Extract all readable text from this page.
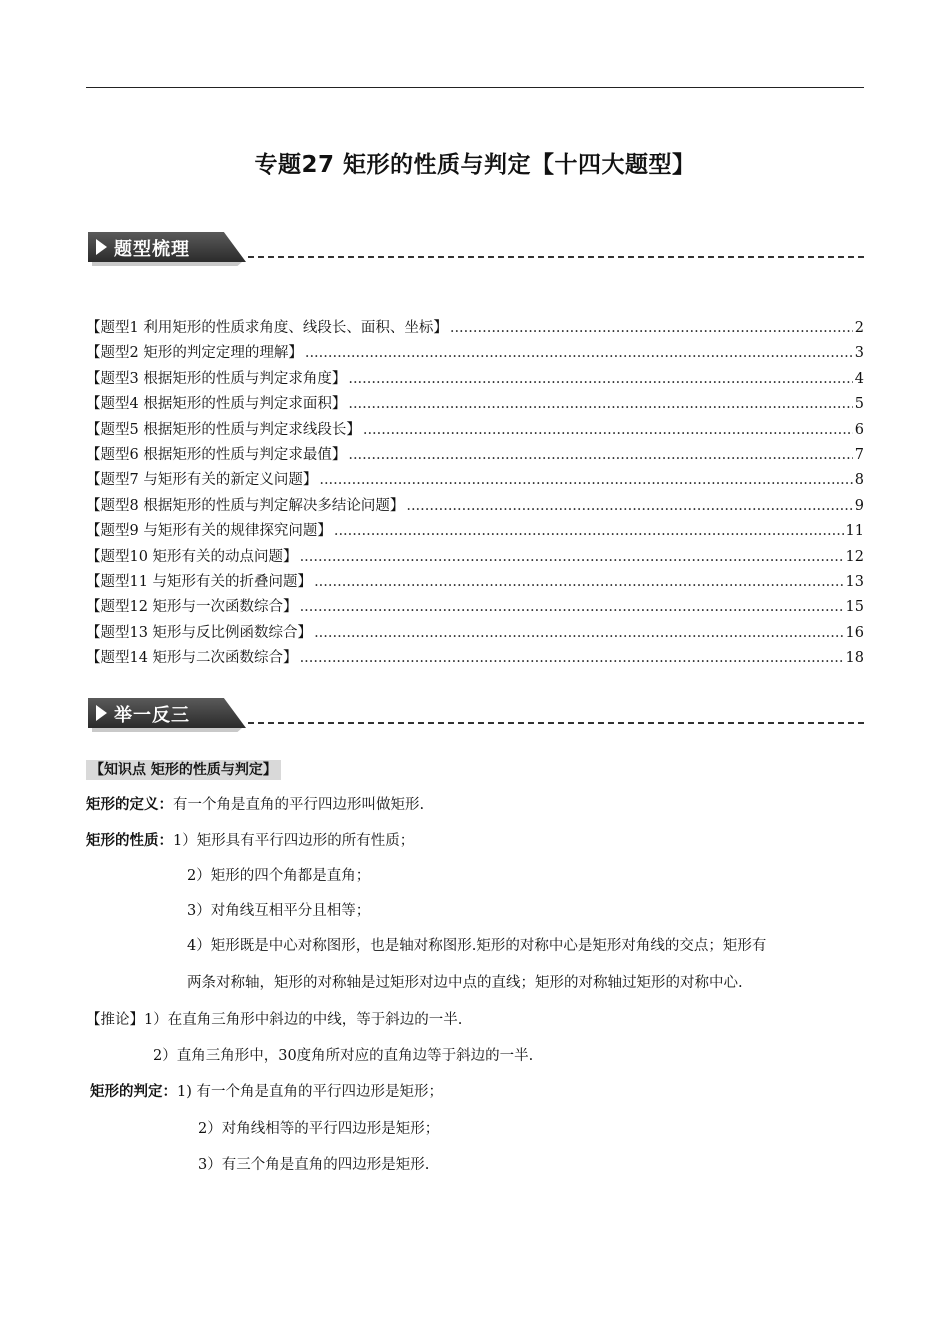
专题27 矩形的性质与判定【十四大题型】
题型梳理
【题型1 利用矩形的性质求角度、线段长、面积、坐标】 .....	2
【题型2 矩形的判定定理的理解】 .....	3
【题型3 根据矩形的性质与判定求角度】 .....	4
【题型4 根据矩形的性质与判定求面积】 .....	5
【题型5 根据矩形的性质与判定求线段长】 .....	6
【题型6 根据矩形的性质与判定求最值】 .....	7
【题型7 与矩形有关的新定义问题】 .....	8
【题型8 根据矩形的性质与判定解决多结论问题】 .....	9
【题型9 与矩形有关的规律探究问题】 .....	11
【题型10 矩形有关的动点问题】 .....	12
【题型11 与矩形有关的折叠问题】 .....	13
【题型12 矩形与一次函数综合】 .....	15
【题型13 矩形与反比例函数综合】 .....	16
【题型14 矩形与二次函数综合】 .....	18
举一反三
【知识点 矩形的性质与判定】
矩形的定义：有一个角是直角的平行四边形叫做矩形.
矩形的性质：1）矩形具有平行四边形的所有性质；
2）矩形的四个角都是直角；
3）对角线互相平分且相等；
4）矩形既是中心对称图形，也是轴对称图形.矩形的对称中心是矩形对角线的交点；矩形有
两条对称轴，矩形的对称轴是过矩形对边中点的直线；矩形的对称轴过矩形的对称中心.
【推论】1）在直角三角形中斜边的中线，等于斜边的一半.
2）直角三角形中，30度角所对应的直角边等于斜边的一半.
矩形的判定：1) 有一个角是直角的平行四边形是矩形；
2）对角线相等的平行四边形是矩形；
3）有三个角是直角的四边形是矩形.
